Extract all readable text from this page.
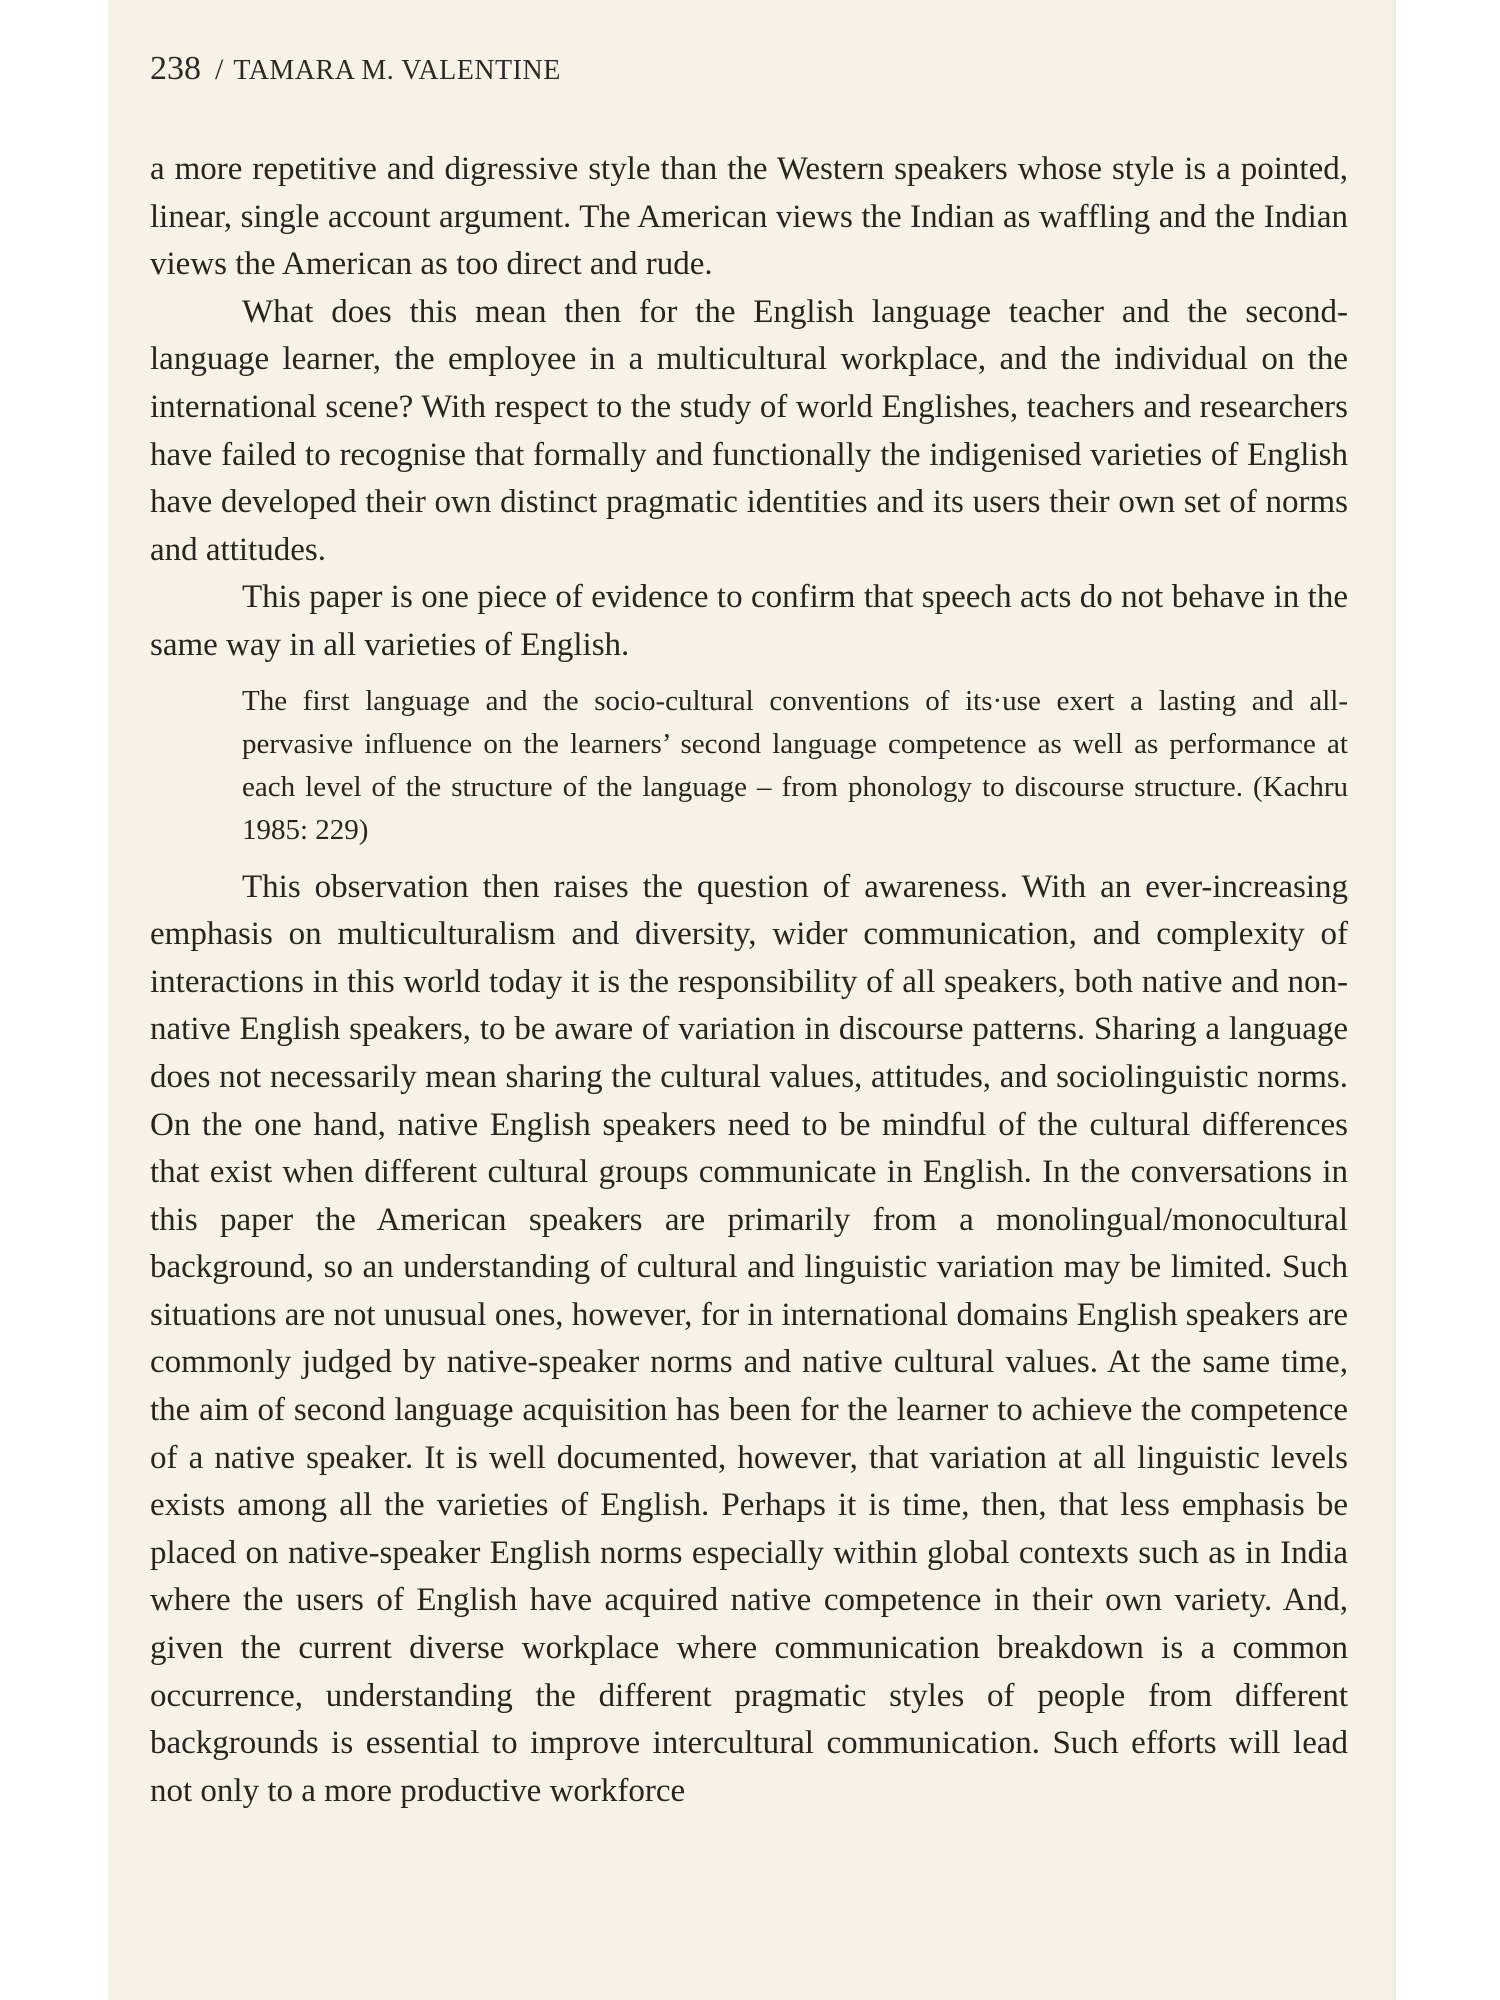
238 / TAMARA M. VALENTINE

a more repetitive and digressive style than the Western speakers whose style is a pointed, linear, single account argument. The American views the Indian as waffling and the Indian views the American as too direct and rude.

What does this mean then for the English language teacher and the second-language learner, the employee in a multicultural workplace, and the individual on the international scene? With respect to the study of world Englishes, teachers and researchers have failed to recognise that formally and functionally the indigenised varieties of English have developed their own distinct pragmatic identities and its users their own set of norms and attitudes.

This paper is one piece of evidence to confirm that speech acts do not behave in the same way in all varieties of English.

The first language and the socio-cultural conventions of its·use exert a lasting and all-pervasive influence on the learners’ second language competence as well as performance at each level of the structure of the language – from phonology to discourse structure. (Kachru 1985: 229)

This observation then raises the question of awareness. With an ever-increasing emphasis on multiculturalism and diversity, wider communication, and complexity of interactions in this world today it is the responsibility of all speakers, both native and non-native English speakers, to be aware of variation in discourse patterns. Sharing a language does not necessarily mean sharing the cultural values, attitudes, and sociolinguistic norms. On the one hand, native English speakers need to be mindful of the cultural differences that exist when different cultural groups communicate in English. In the conversations in this paper the American speakers are primarily from a monolingual/monocultural background, so an understanding of cultural and linguistic variation may be limited. Such situations are not unusual ones, however, for in international domains English speakers are commonly judged by native-speaker norms and native cultural values. At the same time, the aim of second language acquisition has been for the learner to achieve the competence of a native speaker. It is well documented, however, that variation at all linguistic levels exists among all the varieties of English. Perhaps it is time, then, that less emphasis be placed on native-speaker English norms especially within global contexts such as in India where the users of English have acquired native competence in their own variety. And, given the current diverse workplace where communication breakdown is a common occurrence, understanding the different pragmatic styles of people from different backgrounds is essential to improve intercultural communication. Such efforts will lead not only to a more productive workforce
